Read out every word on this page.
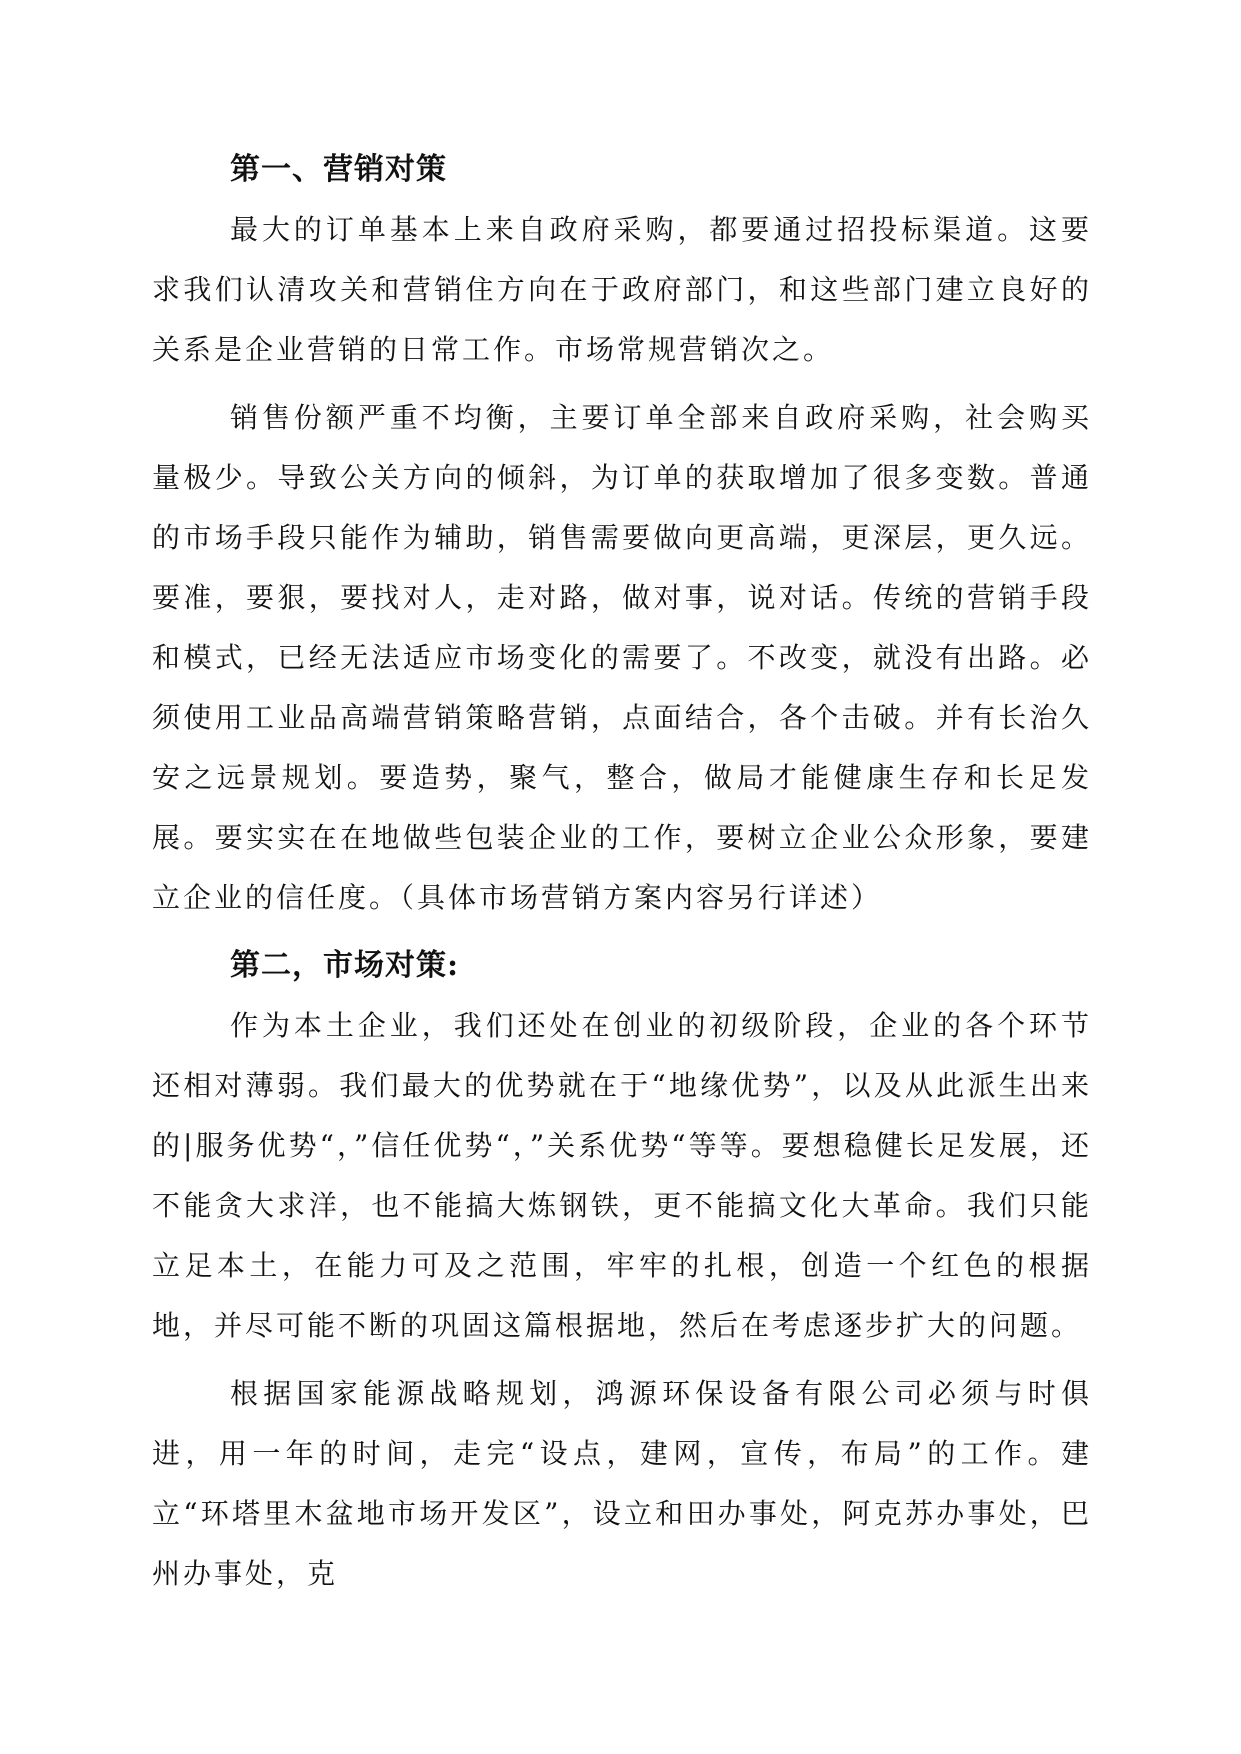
第一、营销对策

最大的订单基本上来自政府采购，都要通过招投标渠道。这要求我们认清攻关和营销住方向在于政府部门，和这些部门建立良好的关系是企业营销的日常工作。市场常规营销次之。

销售份额严重不均衡，主要订单全部来自政府采购，社会购买量极少。导致公关方向的倾斜，为订单的获取增加了很多变数。普通的市场手段只能作为辅助，销售需要做向更高端，更深层，更久远。要准，要狠，要找对人，走对路，做对事，说对话。传统的营销手段和模式，已经无法适应市场变化的需要了。不改变，就没有出路。必须使用工业品高端营销策略营销，点面结合，各个击破。并有长治久安之远景规划。要造势，聚气，整合，做局才能健康生存和长足发展。要实实在在地做些包装企业的工作，要树立企业公众形象，要建立企业的信任度。（具体市场营销方案内容另行详述）

第二，市场对策:

作为本土企业，我们还处在创业的初级阶段，企业的各个环节还相对薄弱。我们最大的优势就在于“地缘优势”，以及从此派生出来的|服务优势“，”信任优势“，”关系优势“等等。要想稳健长足发展，还不能贪大求洋，也不能搞大炼钢铁，更不能搞文化大革命。我们只能立足本土，在能力可及之范围，牢牢的扎根，创造一个红色的根据地，并尽可能不断的巩固这篇根据地，然后在考虑逐步扩大的问题。

根据国家能源战略规划，鸿源环保设备有限公司必须与时俱进，用一年的时间，走完“设点，建网，宣传，布局”的工作。建立“环塔里木盆地市场开发区”，设立和田办事处，阿克苏办事处，巴州办事处，克
